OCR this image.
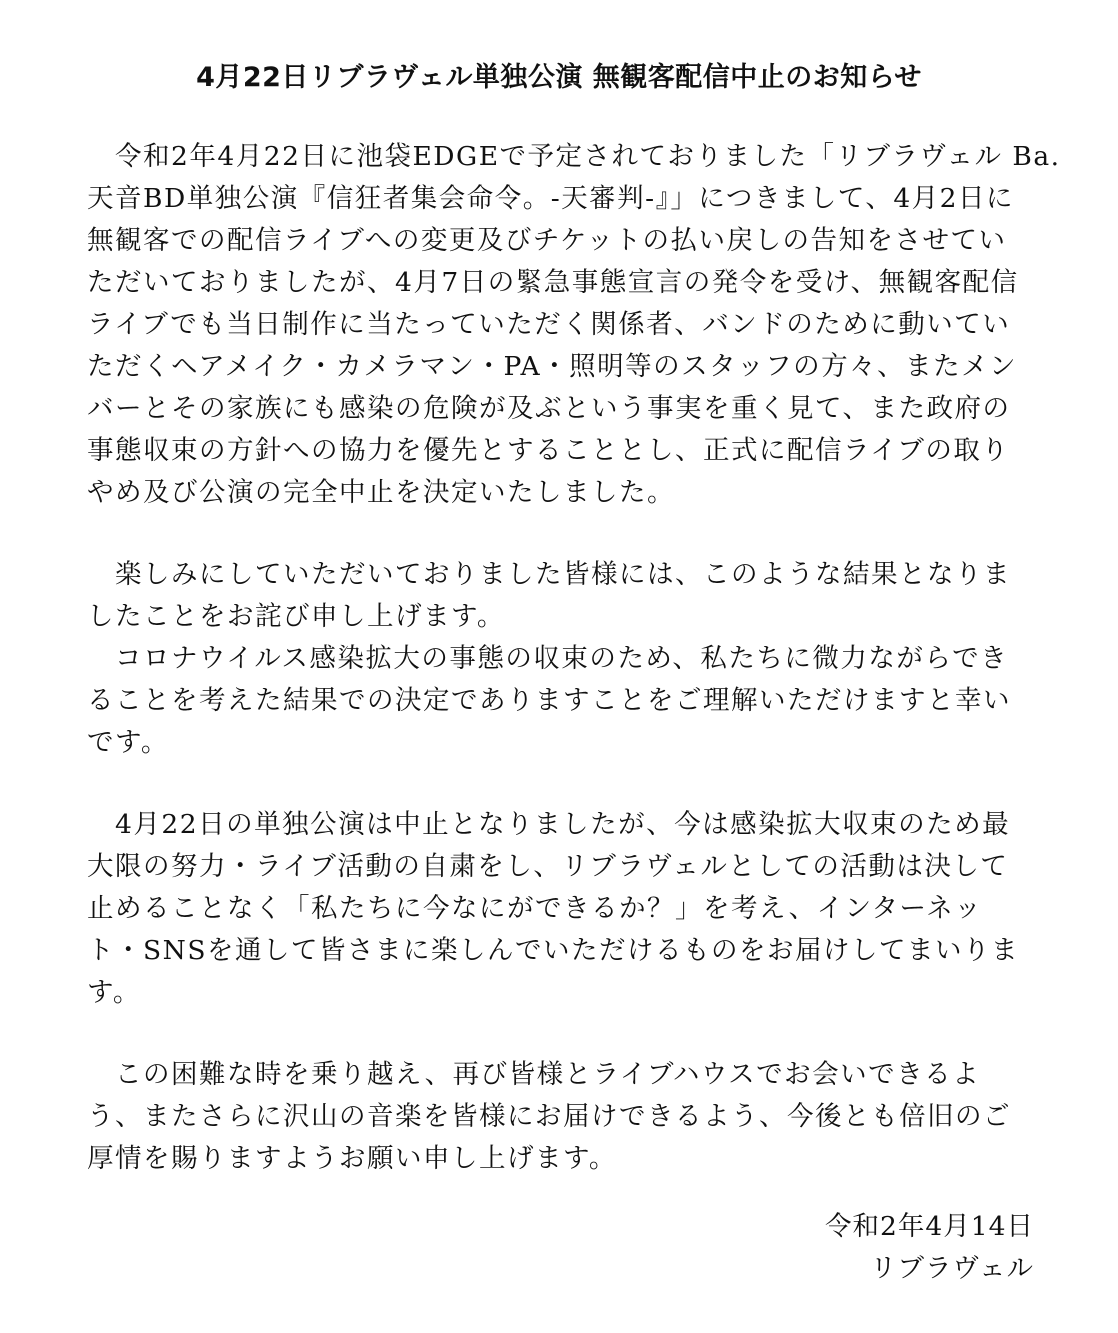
4月22日リブラヴェル単独公演 無観客配信中止のお知らせ
　令和2年4月22日に池袋EDGEで予定されておりました「リブラヴェル Ba.
天音BD単独公演『信狂者集会命令。-天審判-』」につきまして、4月2日に
無観客での配信ライブへの変更及びチケットの払い戻しの告知をさせてい
ただいておりましたが、4月7日の緊急事態宣言の発令を受け、無観客配信
ライブでも当日制作に当たっていただく関係者、バンドのために動いてい
ただくヘアメイク・カメラマン・PA・照明等のスタッフの方々、またメン
バーとその家族にも感染の危険が及ぶという事実を重く見て、また政府の
事態収束の方針への協力を優先とすることとし、正式に配信ライブの取り
やめ及び公演の完全中止を決定いたしました。
　楽しみにしていただいておりました皆様には、このような結果となりま
したことをお詫び申し上げます。
　コロナウイルス感染拡大の事態の収束のため、私たちに微力ながらでき
ることを考えた結果での決定でありますことをご理解いただけますと幸い
です。
　4月22日の単独公演は中止となりましたが、今は感染拡大収束のため最
大限の努力・ライブ活動の自粛をし、リブラヴェルとしての活動は決して
止めることなく「私たちに今なにができるか？」を考え、インターネッ
ト・SNSを通して皆さまに楽しんでいただけるものをお届けしてまいりま
す。
　この困難な時を乗り越え、再び皆様とライブハウスでお会いできるよ
う、またさらに沢山の音楽を皆様にお届けできるよう、今後とも倍旧のご
厚情を賜りますようお願い申し上げます。
令和2年4月14日
リブラヴェル
